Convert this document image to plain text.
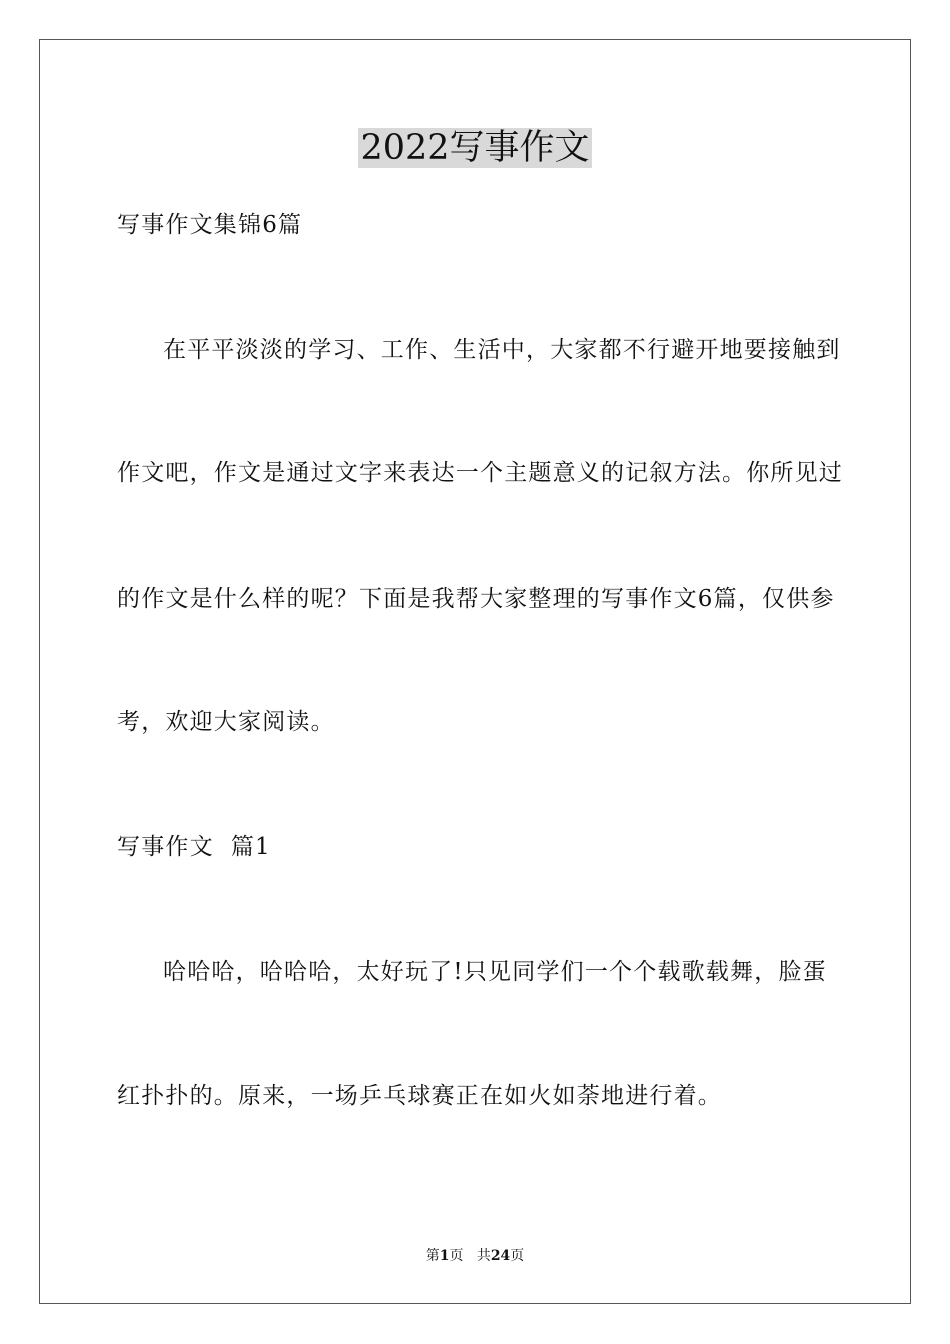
2022写事作文
写事作文集锦6篇
在平平淡淡的学习、工作、生活中，大家都不行避开地要接触到
作文吧，作文是通过文字来表达一个主题意义的记叙方法。你所见过
的作文是什么样的呢？下面是我帮大家整理的写事作文6篇，仅供参
考，欢迎大家阅读。
写事作文  篇1
哈哈哈，哈哈哈，太好玩了!只见同学们一个个载歌载舞，脸蛋
红扑扑的。原来，一场乒乓球赛正在如火如荼地进行着。
第1页 共24页
